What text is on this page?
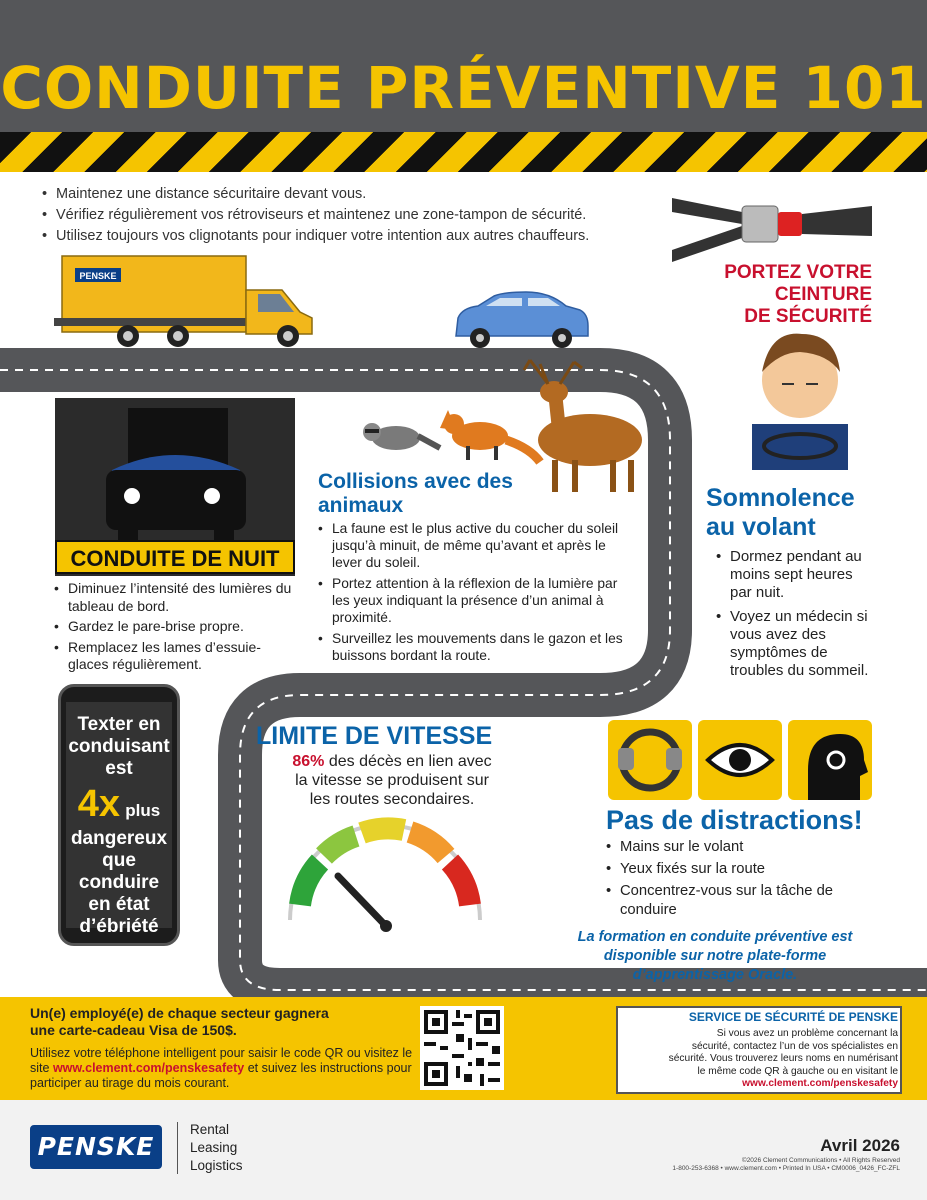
CONDUITE PRÉVENTIVE 101
• Maintenez une distance sécuritaire devant vous.
• Vérifiez régulièrement vos rétroviseurs et maintenez une zone-tampon de sécurité.
• Utilisez toujours vos clignotants pour indiquer votre intention aux autres chauffeurs.
PENSKE	PORTEZ VOTRE
CEINTURE
DE SÉCURITÉ
CONDUITE DE NUIT
• Diminuez l’intensité des lumières du tableau de bord.
• Gardez le pare-brise propre.
• Remplacez les lames d’essuie-glaces régulièrement.
Collisions avec des
animaux
• La faune est le plus active du coucher du soleil jusqu’à minuit, de même qu’avant et après le lever du soleil.
• Portez attention à la réflexion de la lumière par les yeux indiquant la présence d’un animal à proximité.
• Surveillez les mouvements dans le gazon et les buissons bordant la route.
Somnolence
au volant
• Dormez pendant au moins sept heures par nuit.
• Voyez un médecin si vous avez des symptômes de troubles du sommeil.
Texter en
conduisant
est
4x plus
dangereux
que conduire
en état
d’ébriété
LIMITE DE VITESSE
86% des décès en lien avec
la vitesse se produisent sur
les routes secondaires.
Pas de distractions!
• Mains sur le volant
• Yeux fixés sur la route
• Concentrez-vous sur la tâche de conduire
La formation en conduite préventive est
disponible sur notre plate-forme
d’apprentissage Oracle.
Un(e) employé(e) de chaque secteur gagnera
une carte-cadeau Visa de 150$.
Utilisez votre téléphone intelligent pour saisir le code QR ou visitez le site www.clement.com/penskesafety et suivez les instructions pour participer au tirage du mois courant.
SERVICE DE SÉCURITÉ DE PENSKE
Si vous avez un problème concernant la
sécurité, contactez l’un de vos spécialistes en
sécurité. Vous trouverez leurs noms en numérisant
le même code QR à gauche ou en visitant le
www.clement.com/penskesafety
PENSKE
Rental
Leasing
Logistics
Avril 2026
©2026 Clement Communications • All Rights Reserved
1-800-253-6368 • www.clement.com • Printed In USA • CM0006_0426_FC-ZFL
